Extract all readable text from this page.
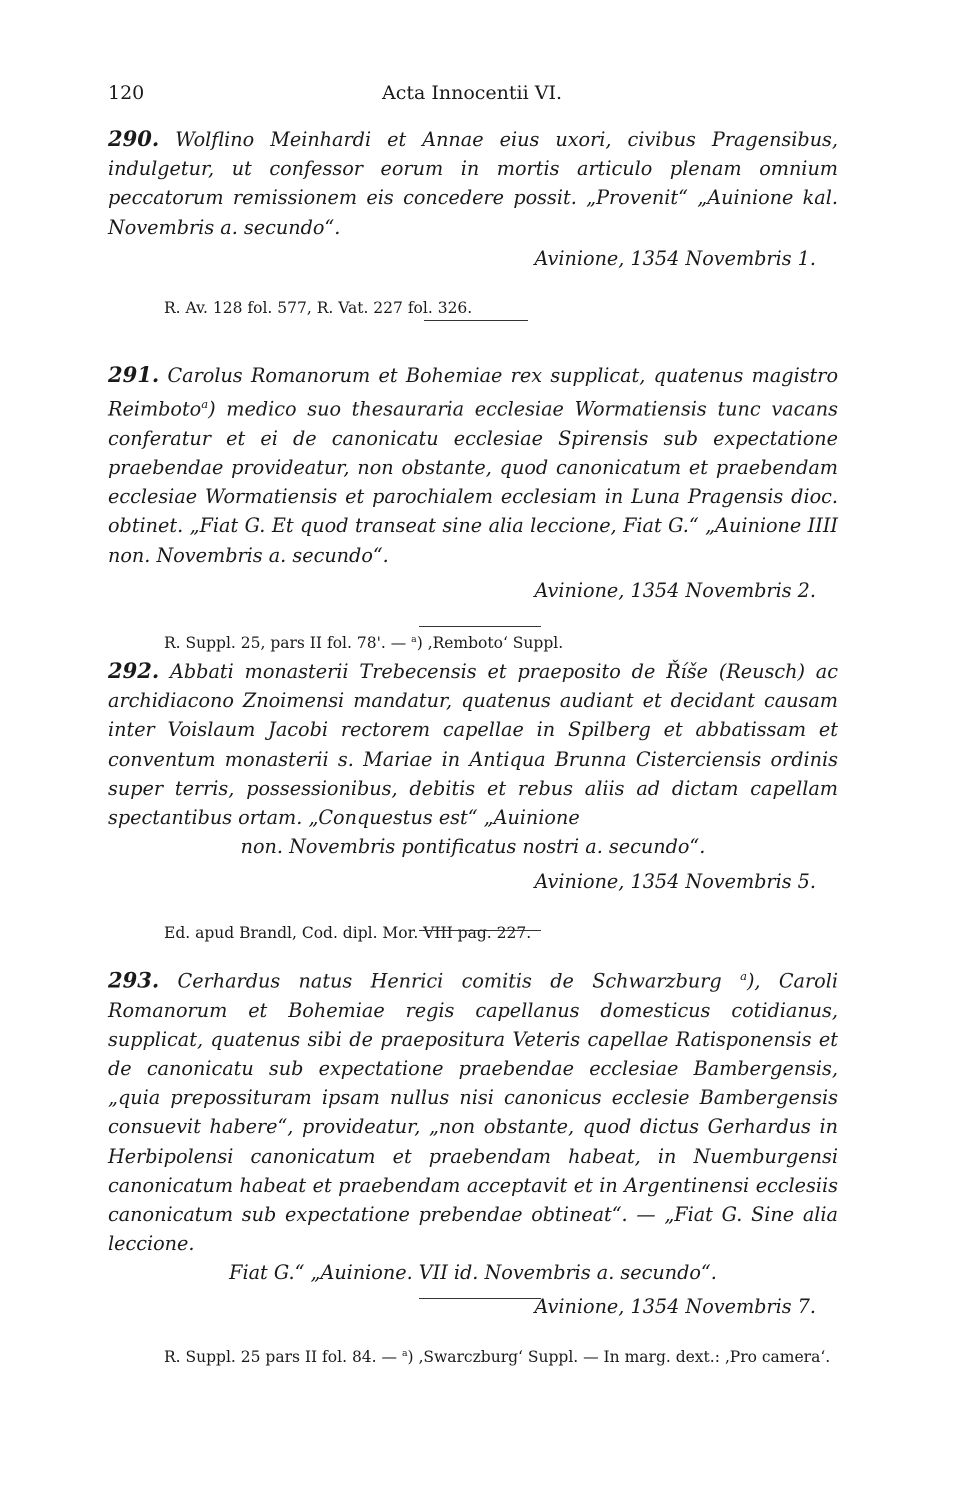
120	Acta Innocentii VI.

290. Wolflino Meinhardi et Annae eius uxori, civibus Pragensibus, indulgetur, ut confessor eorum in mortis articulo plenam omnium peccatorum remissionem eis concedere possit. „Provenit“ „Auinione kal. Novembris a. secundo“.

Avinione, 1354 Novembris 1.

R. Av. 128 fol. 577, R. Vat. 227 fol. 326.

291. Carolus Romanorum et Bohemiae rex supplicat, quatenus magistro Reimboto$^a$) medico suo thesauraria ecclesiae Wormatiensis tunc vacans conferatur et ei de canonicatu ecclesiae Spirensis sub expectatione praebendae provideatur, non obstante, quod canonicatum et praebendam ecclesiae Wormatiensis et parochialem ecclesiam in Luna Pragensis dioc. obtinet. „Fiat G. Et quod transeat sine alia leccione, Fiat G.“ „Auinione IIII non. Novembris a. secundo“.

Avinione, 1354 Novembris 2.

R. Suppl. 25, pars II fol. 78'. — $^a$) ‚Remboto‘ Suppl.

292. Abbati monasterii Trebecensis et praeposito de Říše (Reusch) ac archidiacono Znoimensi mandatur, quatenus audiant et decidant causam inter Voislaum Jacobi rectorem capellae in Spilberg et abbatissam et conventum monasterii s. Mariae in Antiqua Brunna Cisterciensis ordinis super terris, possessionibus, debitis et rebus aliis ad dictam capellam spectantibus ortam. „Conquestus est“ „Auinione

non. Novembris pontificatus nostri a. secundo“.

Avinione, 1354 Novembris 5.

Ed. apud Brandl, Cod. dipl. Mor. VIII pag. 227.

293. Cerhardus natus Henrici comitis de Schwarzburg $^a$), Caroli Romanorum et Bohemiae regis capellanus domesticus cotidianus, supplicat, quatenus sibi de praepositura Veteris capellae Ratisponensis et de canonicatu sub expectatione praebendae ecclesiae Bambergensis, „quia prepossituram ipsam nullus nisi canonicus ecclesie Bambergensis consuevit habere“, provideatur, „non obstante, quod dictus Gerhardus in Herbipolensi canonicatum et praebendam habeat, in Nuemburgensi canonicatum habeat et praebendam acceptavit et in Argentinensi ecclesiis canonicatum sub expectatione prebendae obtineat“. — „Fiat G. Sine alia leccione.

Fiat G.“ „Auinione. VII id. Novembris a. secundo“.

Avinione, 1354 Novembris 7.

R. Suppl. 25 pars II fol. 84. — $^a$) ‚Swarczburg‘ Suppl. — In marg. dext.: ‚Pro camera‘.
